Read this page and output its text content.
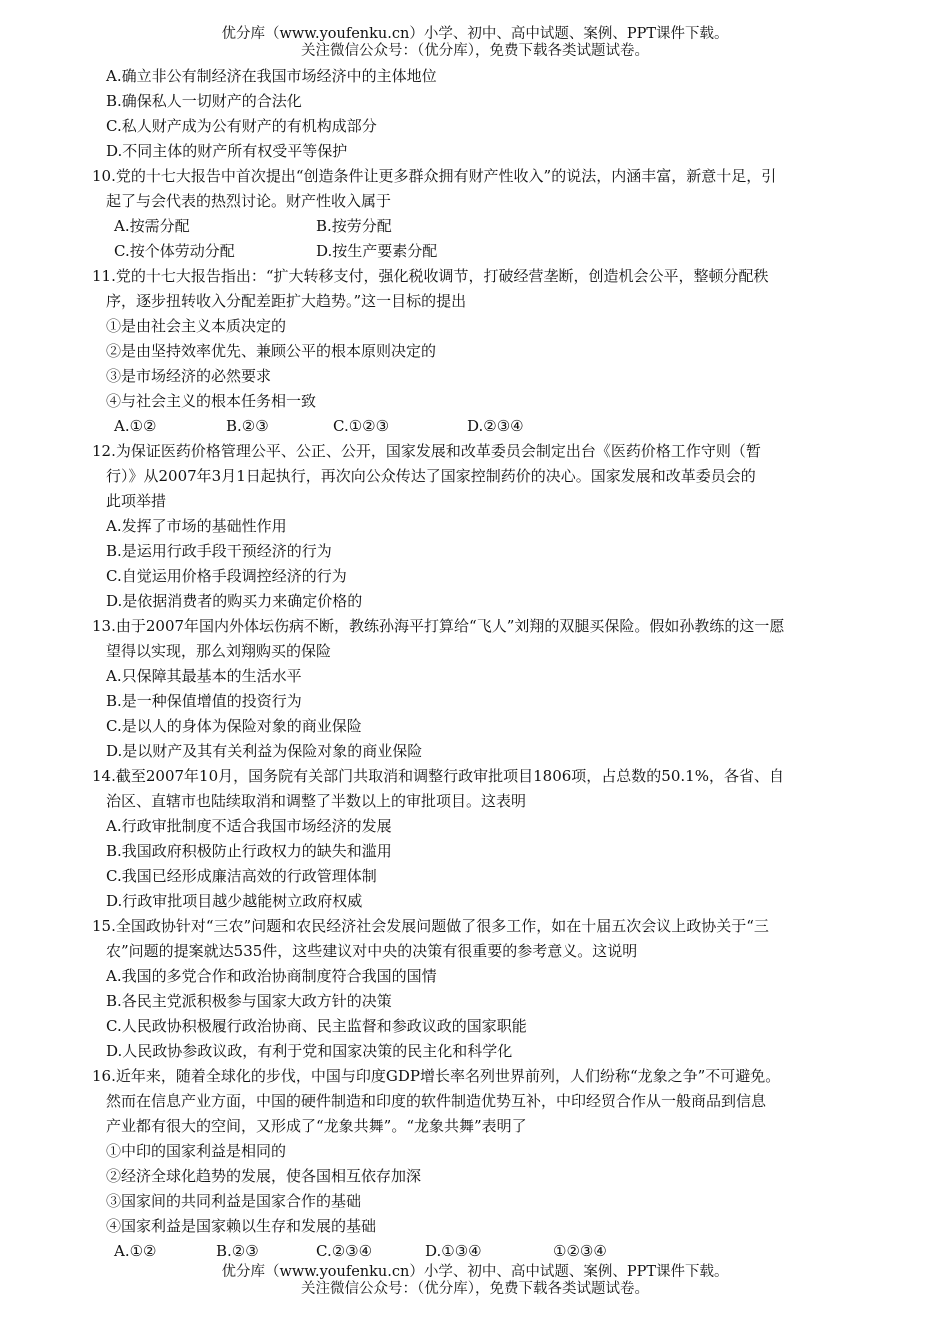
优分库（www.youfenku.cn）小学、初中、高中试题、案例、PPT课件下载。
关注微信公众号：（优分库），免费下载各类试题试卷。
A.确立非公有制经济在我国市场经济中的主体地位
B.确保私人一切财产的合法化
C.私人财产成为公有财产的有机构成部分
D.不同主体的财产所有权受平等保护
10.党的十七大报告中首次提出“创造条件让更多群众拥有财产性收入”的说法，内涵丰富，新意十足，引
起了与会代表的热烈讨论。财产性收入属于
A.按需分配	B.按劳分配
C.按个体劳动分配	D.按生产要素分配
11.党的十七大报告指出：“扩大转移支付，强化税收调节，打破经营垄断，创造机会公平，整顿分配秩
序，逐步扭转收入分配差距扩大趋势。”这一目标的提出
①是由社会主义本质决定的
②是由坚持效率优先、兼顾公平的根本原则决定的
③是市场经济的必然要求
④与社会主义的根本任务相一致
A.①②	B.②③	C.①②③	D.②③④
12.为保证医药价格管理公平、公正、公开，国家发展和改革委员会制定出台《医药价格工作守则（暂
行）》从2007年3月1日起执行，再次向公众传达了国家控制药价的决心。国家发展和改革委员会的
此项举措
A.发挥了市场的基础性作用
B.是运用行政手段干预经济的行为
C.自觉运用价格手段调控经济的行为
D.是依据消费者的购买力来确定价格的
13.由于2007年国内外体坛伤病不断，教练孙海平打算给“飞人”刘翔的双腿买保险。假如孙教练的这一愿
望得以实现，那么刘翔购买的保险
A.只保障其最基本的生活水平
B.是一种保值增值的投资行为
C.是以人的身体为保险对象的商业保险
D.是以财产及其有关利益为保险对象的商业保险
14.截至2007年10月，国务院有关部门共取消和调整行政审批项目1806项，占总数的50.1%，各省、自
治区、直辖市也陆续取消和调整了半数以上的审批项目。这表明
A.行政审批制度不适合我国市场经济的发展
B.我国政府积极防止行政权力的缺失和滥用
C.我国已经形成廉洁高效的行政管理体制
D.行政审批项目越少越能树立政府权威
15.全国政协针对“三农”问题和农民经济社会发展问题做了很多工作，如在十届五次会议上政协关于“三
农”问题的提案就达535件，这些建议对中央的决策有很重要的参考意义。这说明
A.我国的多党合作和政治协商制度符合我国的国情
B.各民主党派积极参与国家大政方针的决策
C.人民政协积极履行政治协商、民主监督和参政议政的国家职能
D.人民政协参政议政，有利于党和国家决策的民主化和科学化
16.近年来，随着全球化的步伐，中国与印度GDP增长率名列世界前列，人们纷称“龙象之争”不可避免。
然而在信息产业方面，中国的硬件制造和印度的软件制造优势互补，中印经贸合作从一般商品到信息
产业都有很大的空间，又形成了“龙象共舞”。“龙象共舞”表明了
①中印的国家利益是相同的
②经济全球化趋势的发展，使各国相互依存加深
③国家间的共同利益是国家合作的基础
④国家利益是国家赖以生存和发展的基础
A.①②	B.②③	C.②③④	D.①③④	①②③④
优分库（www.youfenku.cn）小学、初中、高中试题、案例、PPT课件下载。
关注微信公众号：（优分库），免费下载各类试题试卷。
